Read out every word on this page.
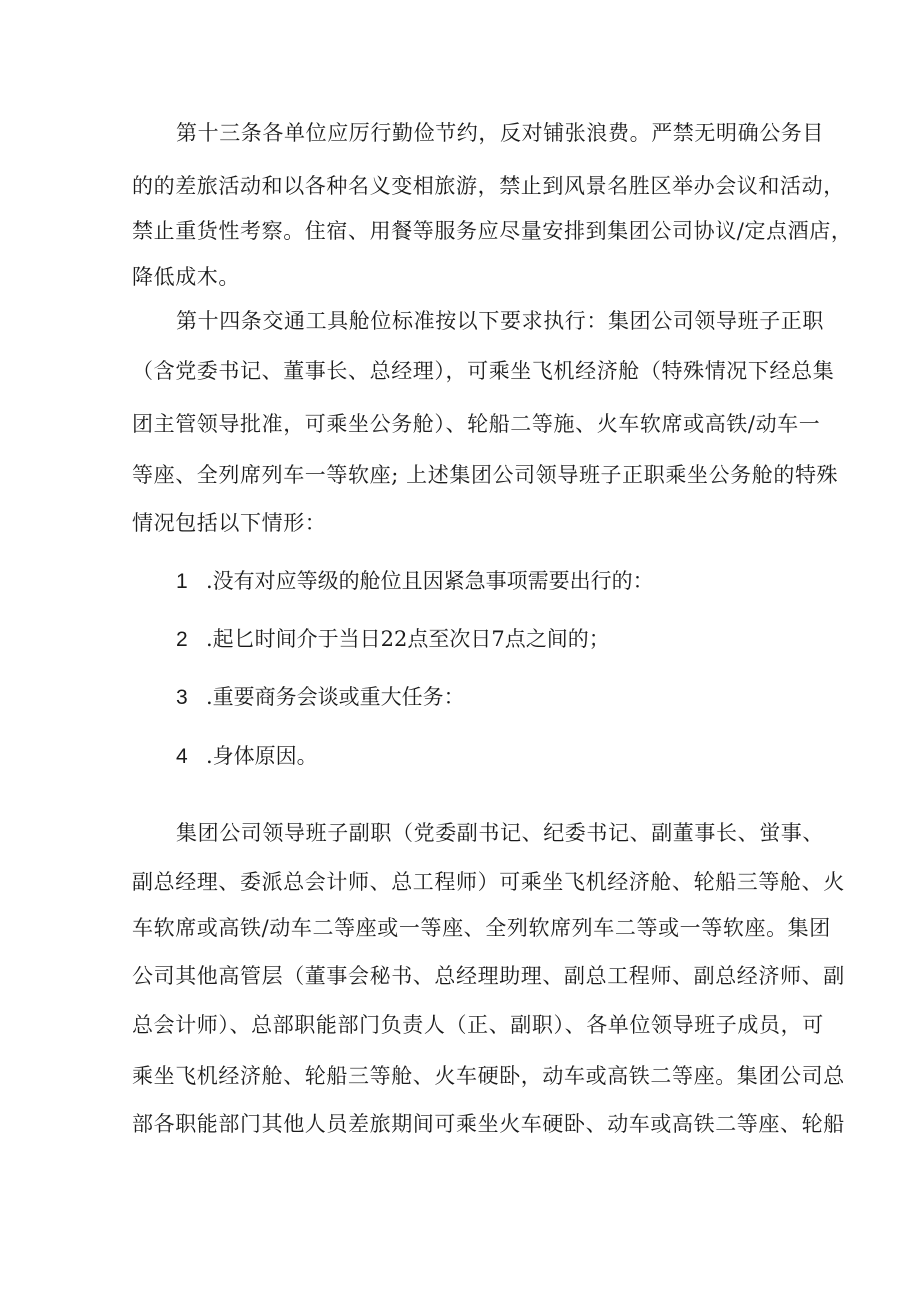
第十三条各单位应厉行勤俭节约，反对铺张浪费。严禁无明确公务目
的的差旅活动和以各种名义变相旅游，禁止到风景名胜区举办会议和活动，
禁止重货性考察。住宿、用餐等服务应尽量安排到集团公司协议/定点酒店，
降低成木。
第十四条交通工具舱位标准按以下要求执行：集团公司领导班子正职
（含党委书记、董事长、总经理），可乘坐飞机经济舱（特殊情况下经总集
团主管领导批准，可乘坐公务舱）、轮船二等施、火车软席或高铁/动车一
等座、全列席列车一等软座; 上述集团公司领导班子正职乘坐公务舱的特殊
情况包括以下情形：
1 .没有对应等级的舱位且因紧急事项需要出行的：
2 .起匕时间介于当日22点至次日7点之间的；
3 .重要商务会谈或重大任务：
4 .身体原因。
集团公司领导班子副职（党委副书记、纪委书记、副董事长、蛍事、
副总经理、委派总会计师、总工程师）可乘坐飞机经济舱、轮船三等舱、火
车软席或高铁/动车二等座或一等座、全列软席列车二等或一等软座。集团
公司其他高管层（董事会秘书、总经理助理、副总工程师、副总经济师、副
总会计师）、总部职能部门负责人（正、副职）、各单位领导班子成员，可
乘坐飞机经济舱、轮船三等舱、火车硬卧，动车或高铁二等座。集团公司总
部各职能部门其他人员差旅期间可乘坐火车硬卧、动车或高铁二等座、轮船
